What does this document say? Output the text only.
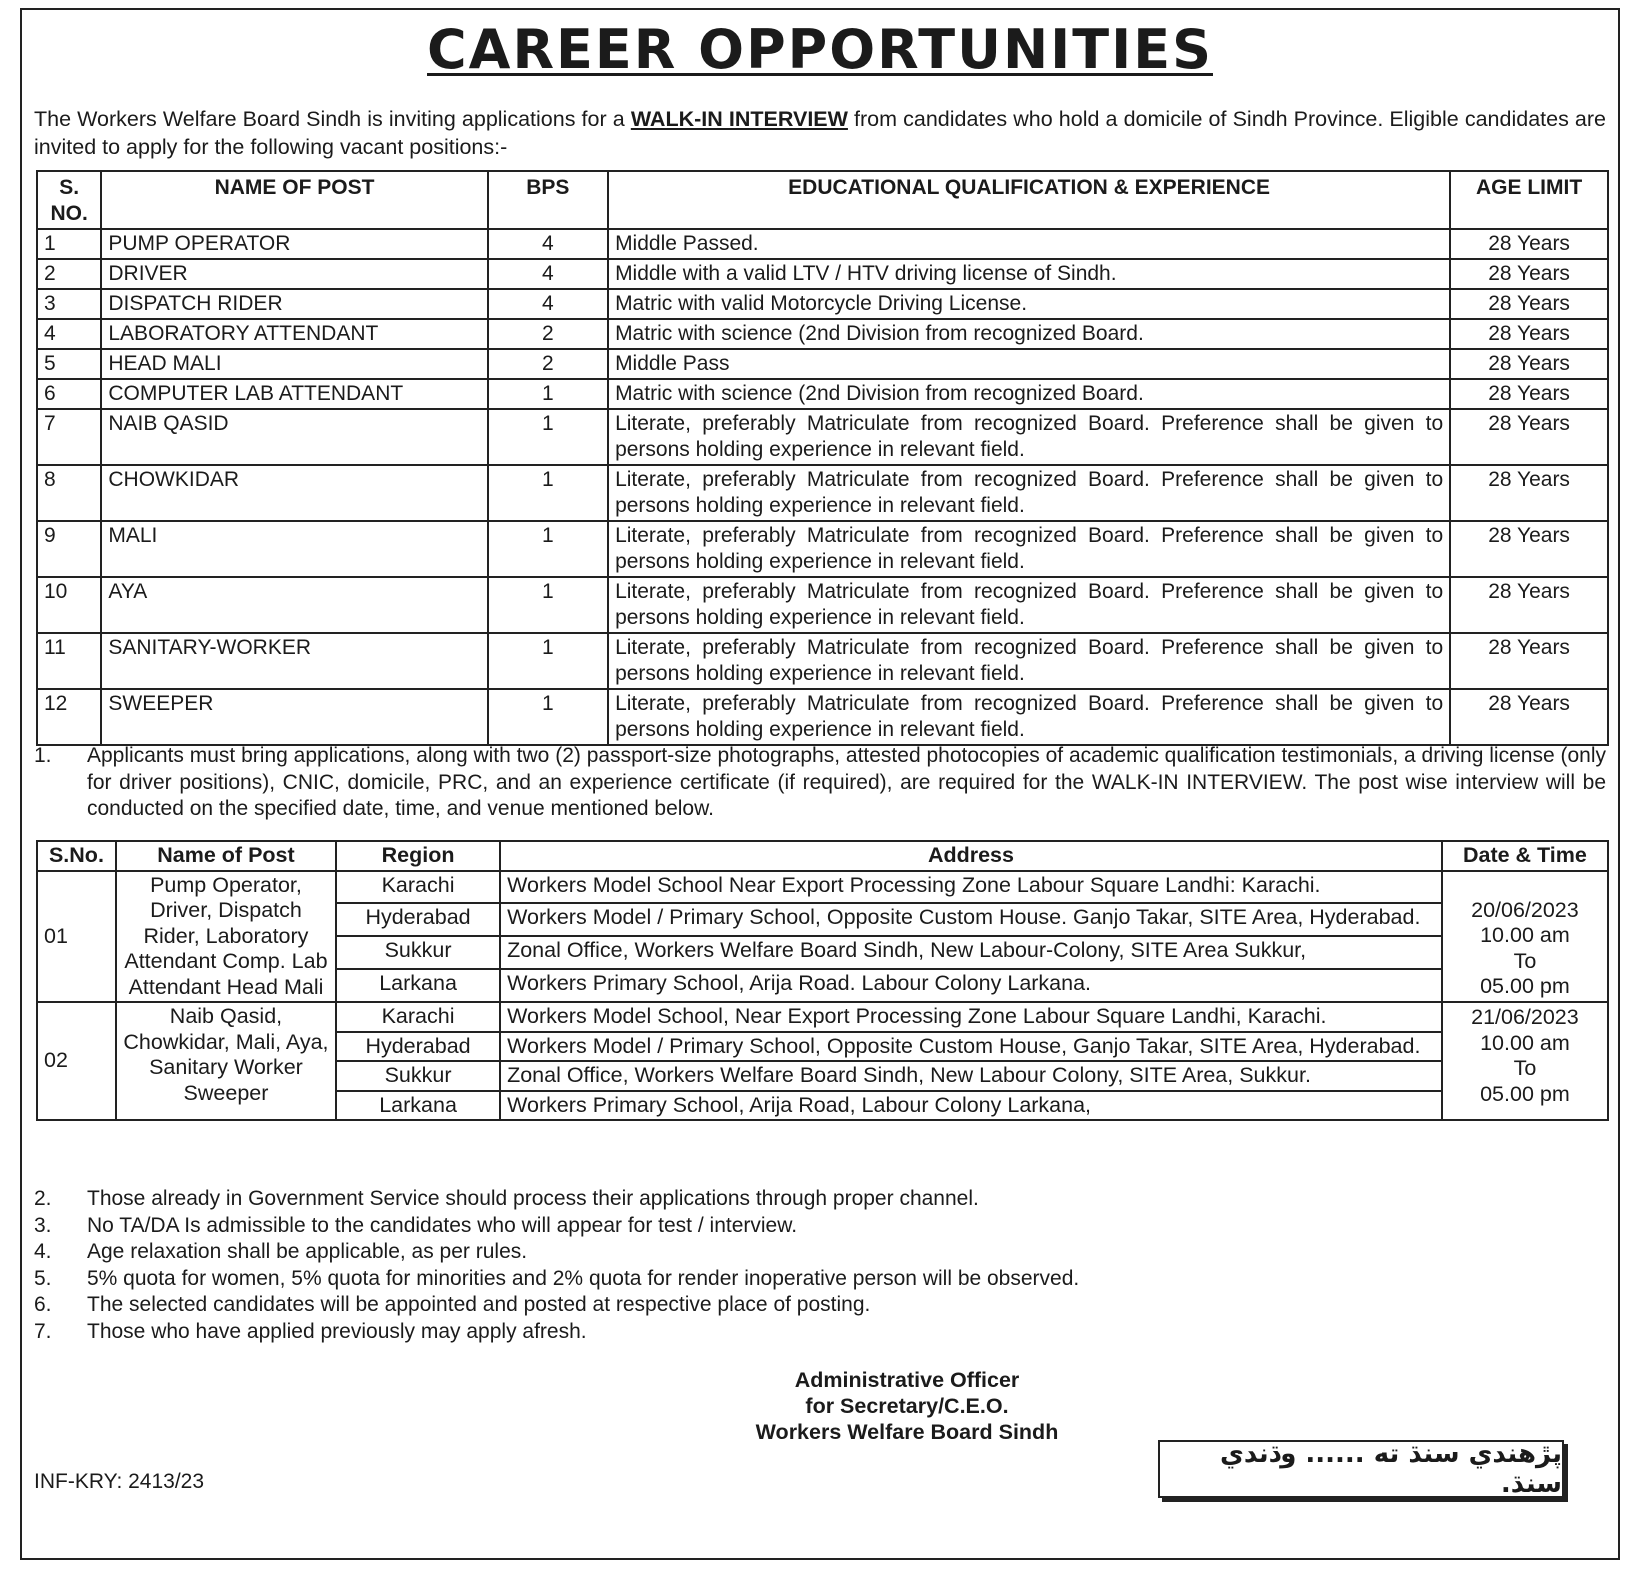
CAREER OPPORTUNITIES
The Workers Welfare Board Sindh is inviting applications for a WALK-IN INTERVIEW from candidates who hold a domicile of Sindh Province. Eligible candidates are invited to apply for the following vacant positions:-
S. NO.	NAME OF POST	BPS	EDUCATIONAL QUALIFICATION & EXPERIENCE	AGE LIMIT
1	PUMP OPERATOR	4	Middle Passed.	28 Years
2	DRIVER	4	Middle with a valid LTV / HTV driving license of Sindh.	28 Years
3	DISPATCH RIDER	4	Matric with valid Motorcycle Driving License.	28 Years
4	LABORATORY ATTENDANT	2	Matric with science (2nd Division from recognized Board.	28 Years
5	HEAD MALI	2	Middle Pass	28 Years
6	COMPUTER LAB ATTENDANT	1	Matric with science (2nd Division from recognized Board.	28 Years
7	NAIB QASID	1	Literate, preferably Matriculate from recognized Board. Preference shall be given to persons holding experience in relevant field.	28 Years
8	CHOWKIDAR	1	Literate, preferably Matriculate from recognized Board. Preference shall be given to persons holding experience in relevant field.	28 Years
9	MALI	1	Literate, preferably Matriculate from recognized Board. Preference shall be given to persons holding experience in relevant field.	28 Years
10	AYA	1	Literate, preferably Matriculate from recognized Board. Preference shall be given to persons holding experience in relevant field.	28 Years
11	SANITARY-WORKER	1	Literate, preferably Matriculate from recognized Board. Preference shall be given to persons holding experience in relevant field.	28 Years
12	SWEEPER	1	Literate, preferably Matriculate from recognized Board. Preference shall be given to persons holding experience in relevant field.	28 Years
1.	Applicants must bring applications, along with two (2) passport-size photographs, attested photocopies of academic qualification testimonials, a driving license (only for driver positions), CNIC, domicile, PRC, and an experience certificate (if required), are required for the WALK-IN INTERVIEW. The post wise interview will be conducted on the specified date, time, and venue mentioned below.
S.No.	Name of Post	Region	Address	Date & Time
01	Pump Operator, Driver, Dispatch Rider, Laboratory Attendant Comp. Lab Attendant Head Mali	Karachi	Workers Model School Near Export Processing Zone Labour Square Landhi: Karachi.	20/06/2023
10.00 am
To
05.00 pm

		Hyderabad	Workers Model / Primary School, Opposite Custom House. Ganjo Takar, SITE Area, Hyderabad.	
		Sukkur	Zonal Office, Workers Welfare Board Sindh, New Labour-Colony, SITE Area Sukkur,	
		Larkana	Workers Primary School, Arija Road. Labour Colony Larkana.	
02	Naib Qasid, Chowkidar, Mali, Aya, Sanitary Worker Sweeper	Karachi	Workers Model School, Near Export Processing Zone Labour Square Landhi, Karachi.	21/06/2023
10.00 am
To
05.00 pm

		Hyderabad	Workers Model / Primary School, Opposite Custom House, Ganjo Takar, SITE Area, Hyderabad.	
		Sukkur	Zonal Office, Workers Welfare Board Sindh, New Labour Colony, SITE Area, Sukkur.	
		Larkana	Workers Primary School, Arija Road, Labour Colony Larkana,	
2.	Those already in Government Service should process their applications through proper channel.
3.	No TA/DA Is admissible to the candidates who will appear for test / interview.
4.	Age relaxation shall be applicable, as per rules.
5.	5% quota for women, 5% quota for minorities and 2% quota for render inoperative person will be observed.
6.	The selected candidates will be appointed and posted at respective place of posting.
7.	Those who have applied previously may apply afresh.
Administrative Officer
for Secretary/C.E.O.
Workers Welfare Board Sindh
INF-KRY: 2413/23
پڙهندي سنڌ ته ...... وڌندي سنڌ.
